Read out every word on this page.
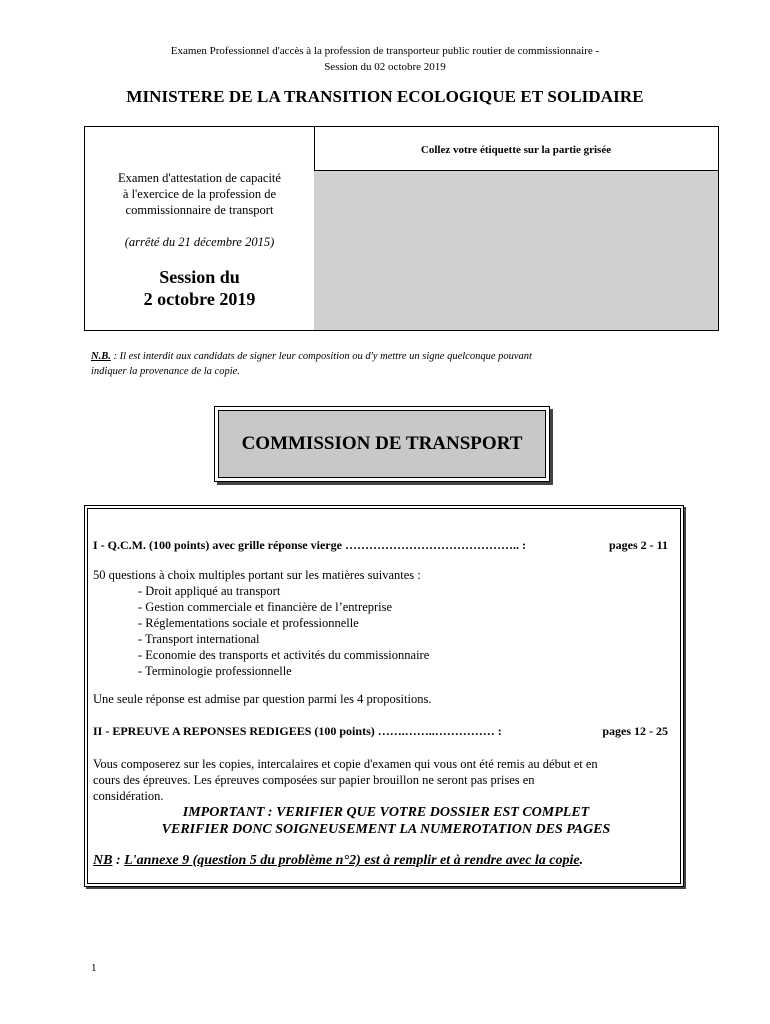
Examen Professionnel d'accès à la profession de transporteur public routier de commissionnaire -
Session du 02 octobre 2019
MINISTERE DE LA TRANSITION ECOLOGIQUE ET SOLIDAIRE
Examen d'attestation de capacité
à l'exercice de la profession de
commissionnaire de transport
(arrêté du 21 décembre 2015)
Session du
2 octobre 2019
Collez votre étiquette sur la partie grisée
N.B. : Il est interdit aux candidats de signer leur composition ou d'y mettre un signe quelconque pouvant
indiquer la provenance de la copie.
COMMISSION DE TRANSPORT
I - Q.C.M. (100 points) avec grille réponse vierge …………………………………….. :	pages 2 - 11
50 questions à choix multiples portant sur les matières suivantes :
- Droit appliqué au transport
- Gestion commerciale et financière de l’entreprise
- Réglementations sociale et professionnelle
- Transport international
- Economie des transports et activités du commissionnaire
- Terminologie professionnelle
Une seule réponse est admise par question parmi les 4 propositions.
II - EPREUVE A REPONSES REDIGEES (100 points) …….……..…………… :	pages 12 - 25
Vous composerez sur les copies, intercalaires et copie d'examen qui vous ont été remis au début et en
cours des épreuves. Les épreuves composées sur papier brouillon ne seront pas prises en
considération.
IMPORTANT : VERIFIER QUE VOTRE DOSSIER EST COMPLET
VERIFIER DONC SOIGNEUSEMENT LA NUMEROTATION DES PAGES
NB : L'annexe 9 (question 5 du problème n°2) est à remplir et à rendre avec la copie.
1
